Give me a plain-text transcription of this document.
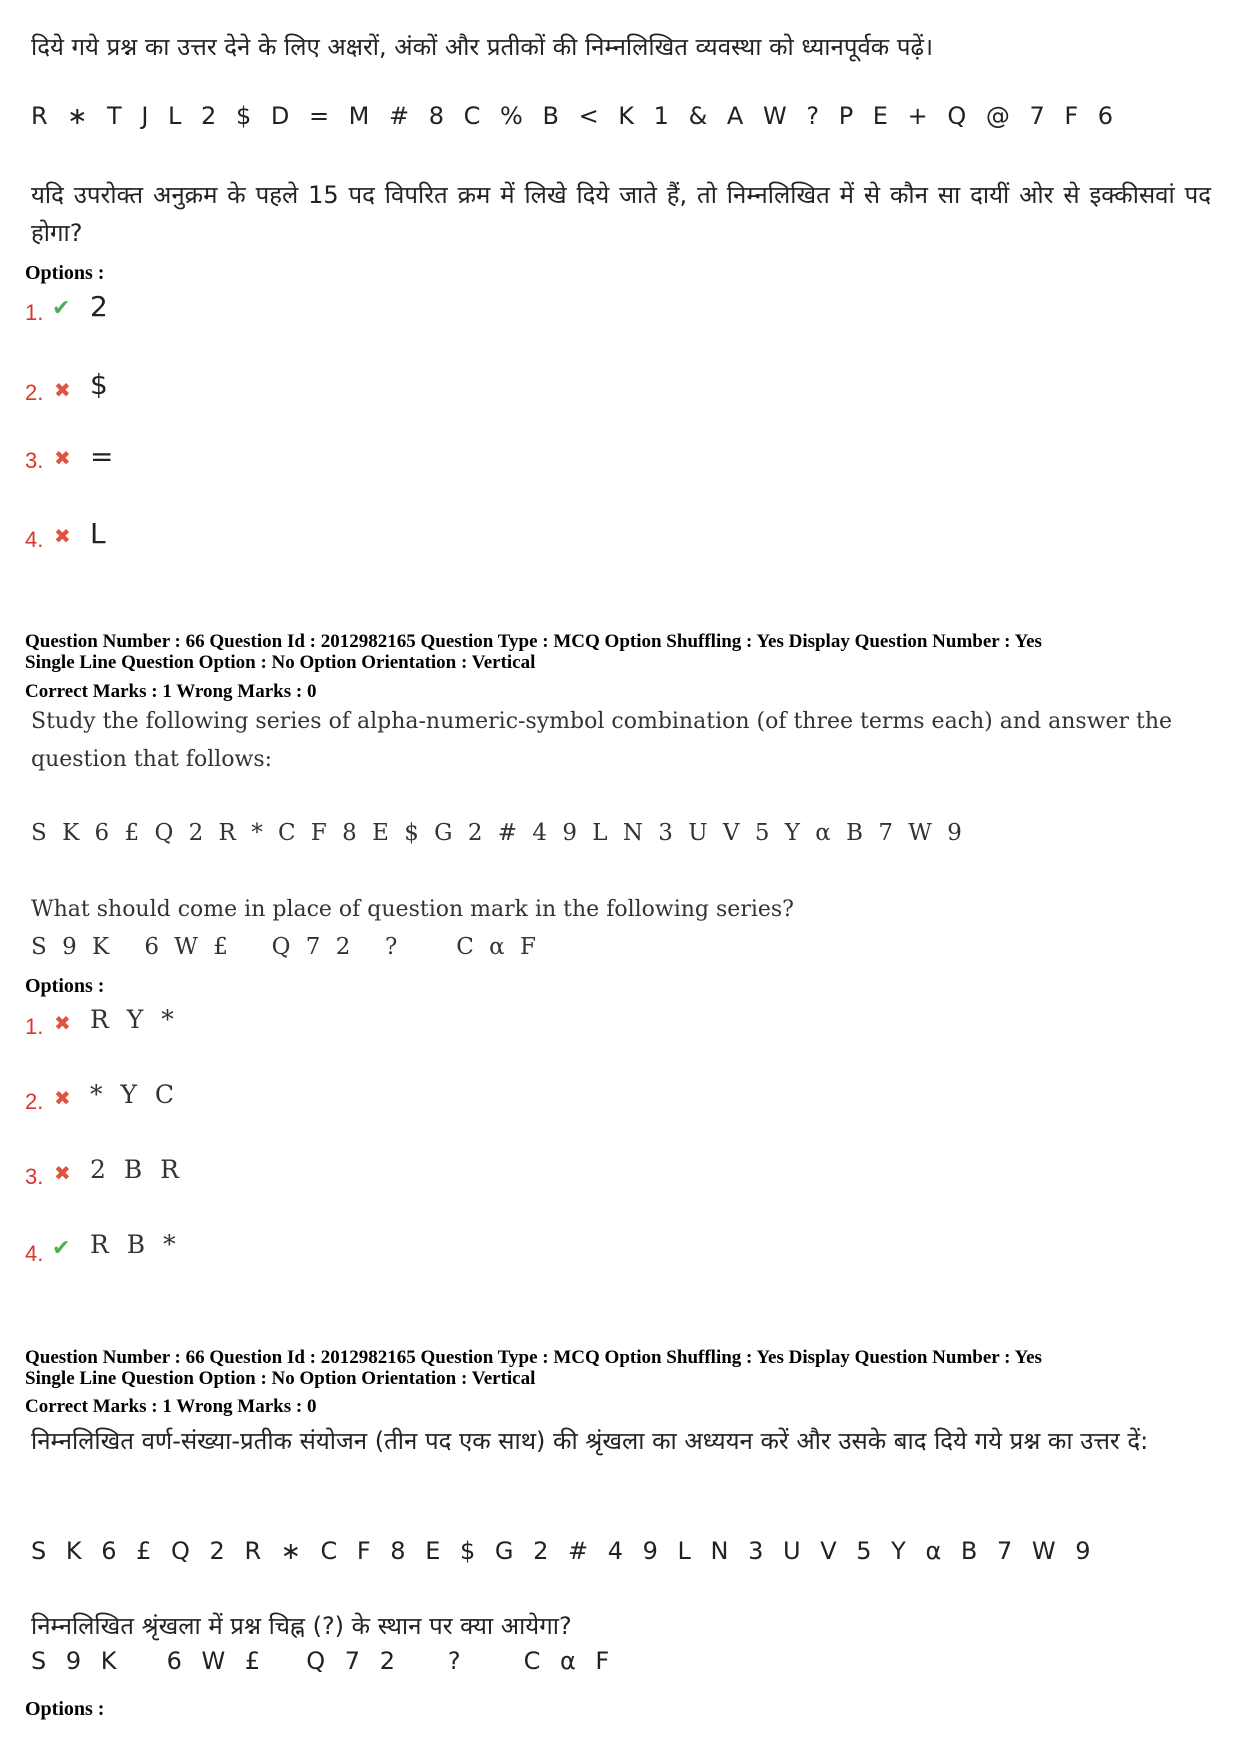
दिये गये प्रश्न का उत्तर देने के लिए अक्षरों, अंकों और प्रतीकों की निम्नलिखित व्यवस्था को ध्यानपूर्वक पढ़ें।
R ∗ T J L 2 $ D = M # 8 C % B < K 1 & A W ? P E + Q @ 7 F 6
यदि उपरोक्त अनुक्रम के पहले 15 पद विपरित क्रम में लिखे दिये जाते हैं, तो निम्नलिखित में से कौन सा दायीं ओर से इक्कीसवां पद होगा?
Options :
1. ✔ 2
2. ✖ $
3. ✖ =
4. ✖ L
Question Number : 66 Question Id : 2012982165 Question Type : MCQ Option Shuffling : Yes Display Question Number : Yes
Single Line Question Option : No Option Orientation : Vertical
Correct Marks : 1 Wrong Marks : 0
Study the following series of alpha-numeric-symbol combination (of three terms each) and answer the question that follows:
S K 6 £ Q 2 R * C F 8 E $ G 2 # 4 9 L N 3 U V 5 Y α B 7 W 9
What should come in place of question mark in the following series?
S 9 K 6 W £ Q 7 2 ? C α F
Options :
1. ✖ R Y *
2. ✖ * Y C
3. ✖ 2 B R
4. ✔ R B *
Question Number : 66 Question Id : 2012982165 Question Type : MCQ Option Shuffling : Yes Display Question Number : Yes
Single Line Question Option : No Option Orientation : Vertical
Correct Marks : 1 Wrong Marks : 0
निम्नलिखित वर्ण-संख्या-प्रतीक संयोजन (तीन पद एक साथ) की श्रृंखला का अध्ययन करें और उसके बाद दिये गये प्रश्न का उत्तर दें:
S K 6 £ Q 2 R ∗ C F 8 E $ G 2 # 4 9 L N 3 U V 5 Y α B 7 W 9
निम्नलिखित श्रृंखला में प्रश्न चिह्न (?) के स्थान पर क्या आयेगा?
S 9 K 6 W £ Q 7 2 ? C α F
Options :
